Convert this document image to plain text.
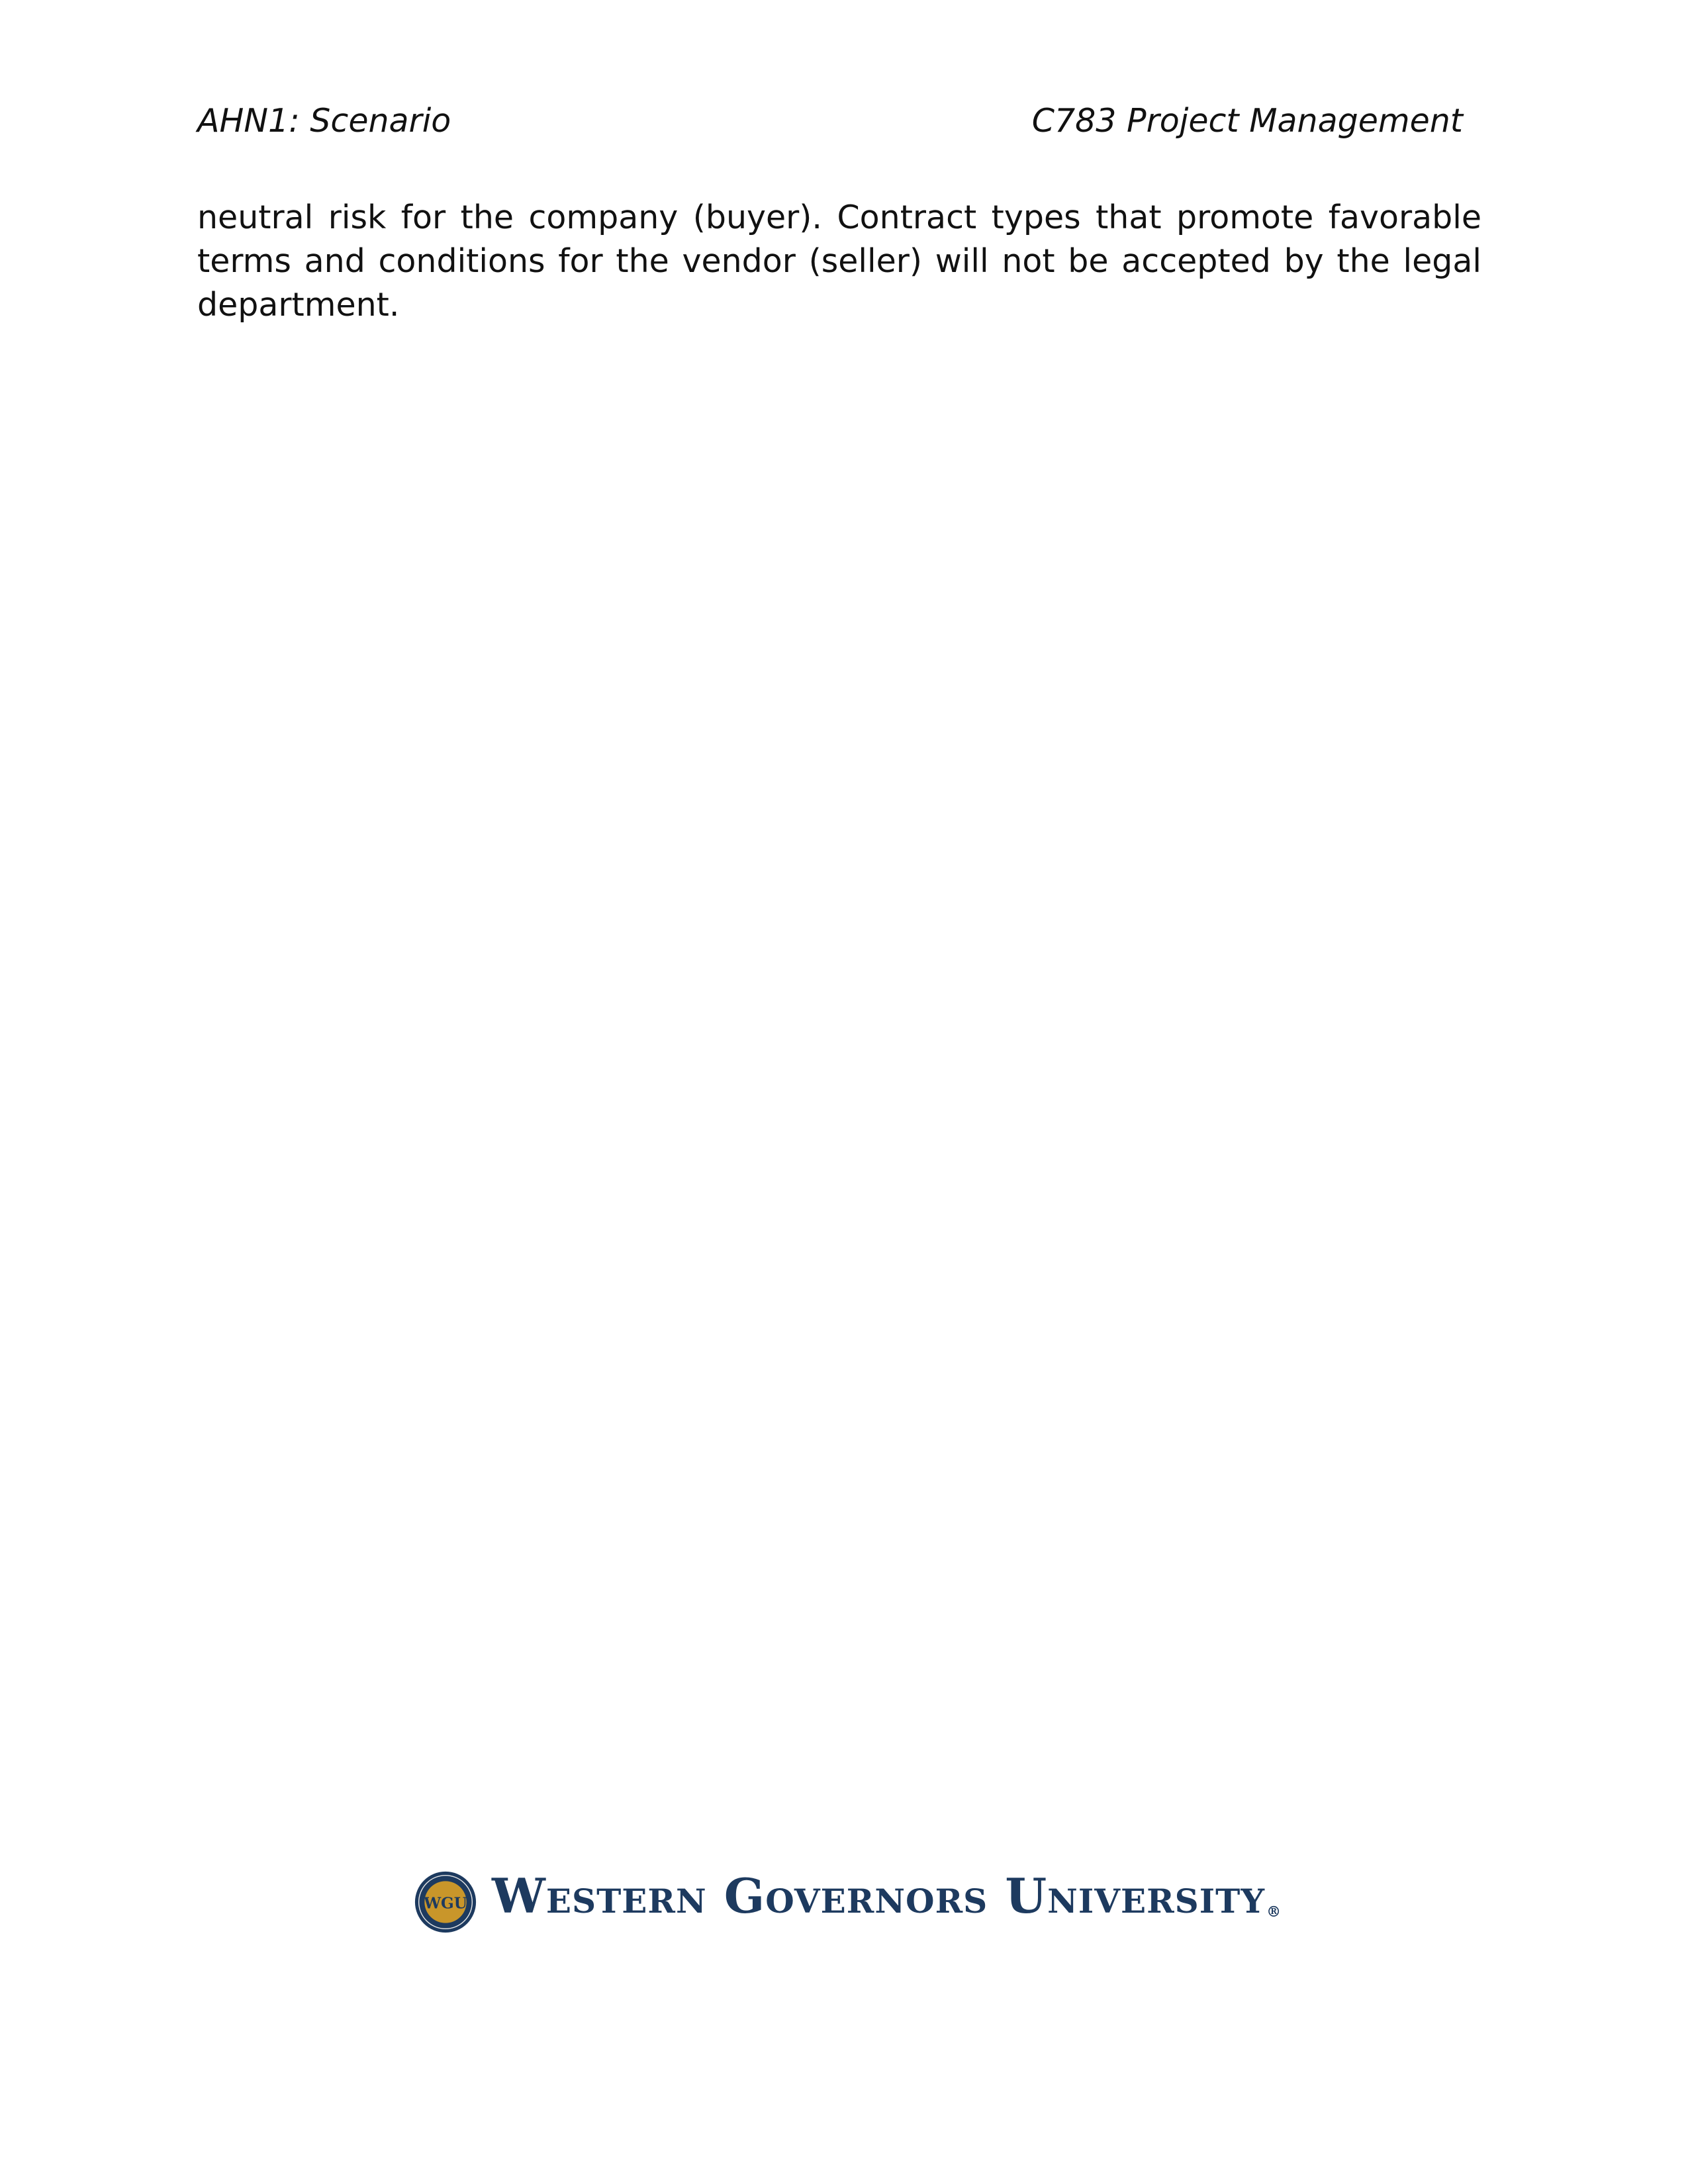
AHN1: Scenario	C783 Project Management
neutral risk for the company (buyer). Contract types that promote favorable terms and conditions for the vendor (seller) will not be accepted by the legal department.
WGU Western Governors University®
